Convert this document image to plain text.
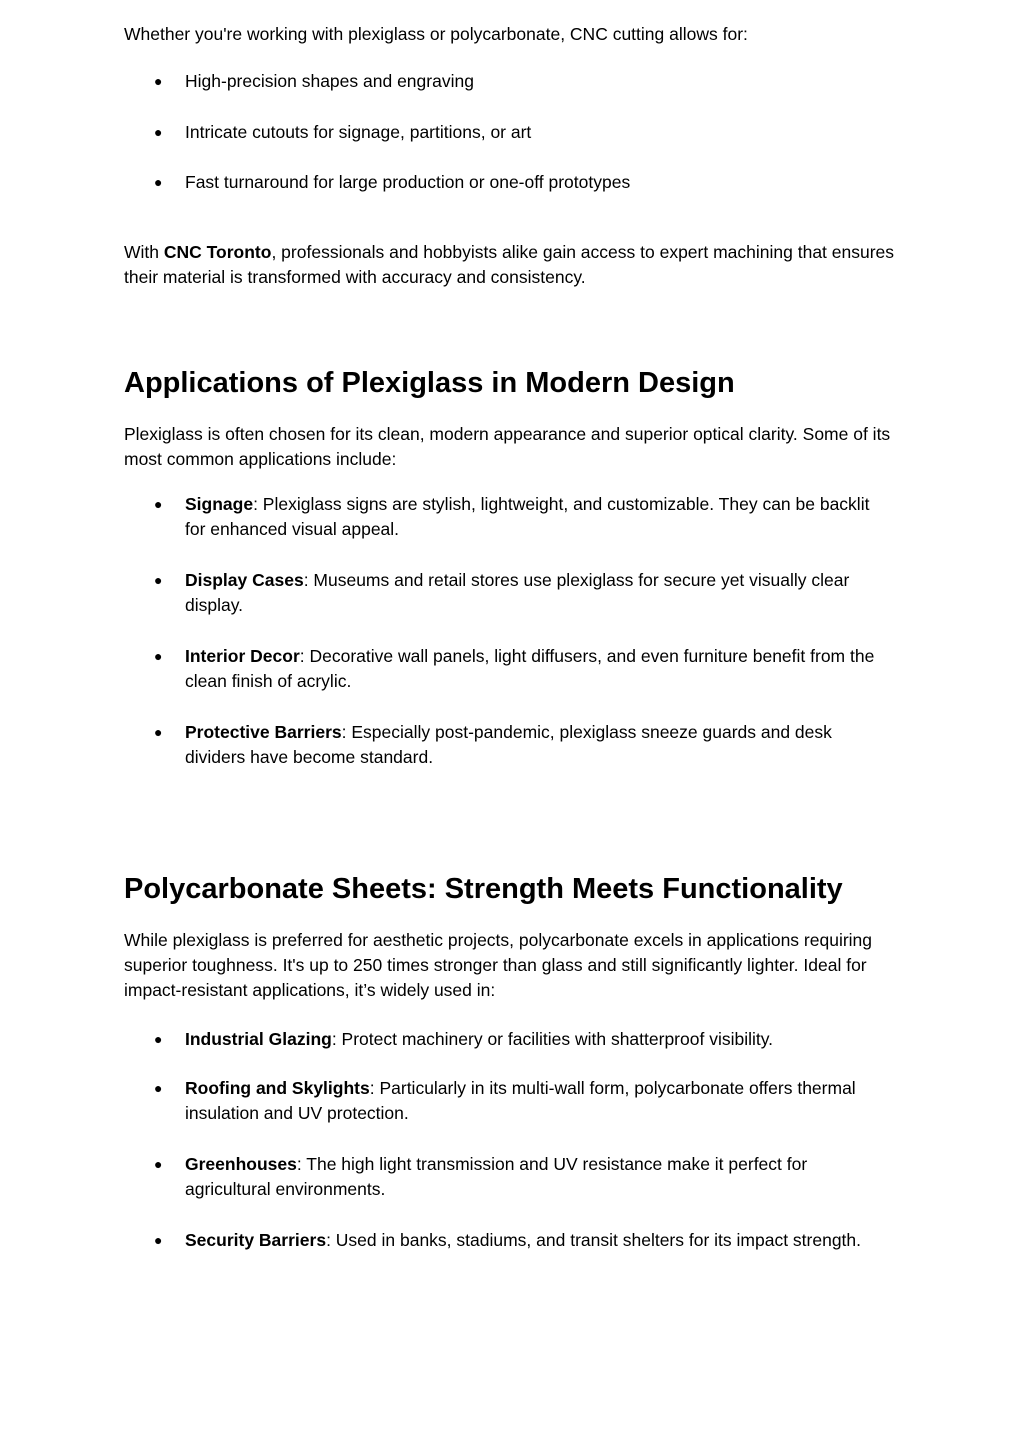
Whether you're working with plexiglass or polycarbonate, CNC cutting allows for:

● High-precision shapes and engraving
● Intricate cutouts for signage, partitions, or art
● Fast turnaround for large production or one-off prototypes

With CNC Toronto, professionals and hobbyists alike gain access to expert machining that ensures their material is transformed with accuracy and consistency.

Applications of Plexiglass in Modern Design

Plexiglass is often chosen for its clean, modern appearance and superior optical clarity. Some of its most common applications include:

● Signage: Plexiglass signs are stylish, lightweight, and customizable. They can be backlit for enhanced visual appeal.
● Display Cases: Museums and retail stores use plexiglass for secure yet visually clear display.
● Interior Decor: Decorative wall panels, light diffusers, and even furniture benefit from the clean finish of acrylic.
● Protective Barriers: Especially post-pandemic, plexiglass sneeze guards and desk dividers have become standard.
Polycarbonate Sheets: Strength Meets Functionality

While plexiglass is preferred for aesthetic projects, polycarbonate excels in applications requiring superior toughness. It's up to 250 times stronger than glass and still significantly lighter. Ideal for impact-resistant applications, it’s widely used in:

● Industrial Glazing: Protect machinery or facilities with shatterproof visibility.
● Roofing and Skylights: Particularly in its multi-wall form, polycarbonate offers thermal insulation and UV protection.
● Greenhouses: The high light transmission and UV resistance make it perfect for agricultural environments.
● Security Barriers: Used in banks, stadiums, and transit shelters for its impact strength.
